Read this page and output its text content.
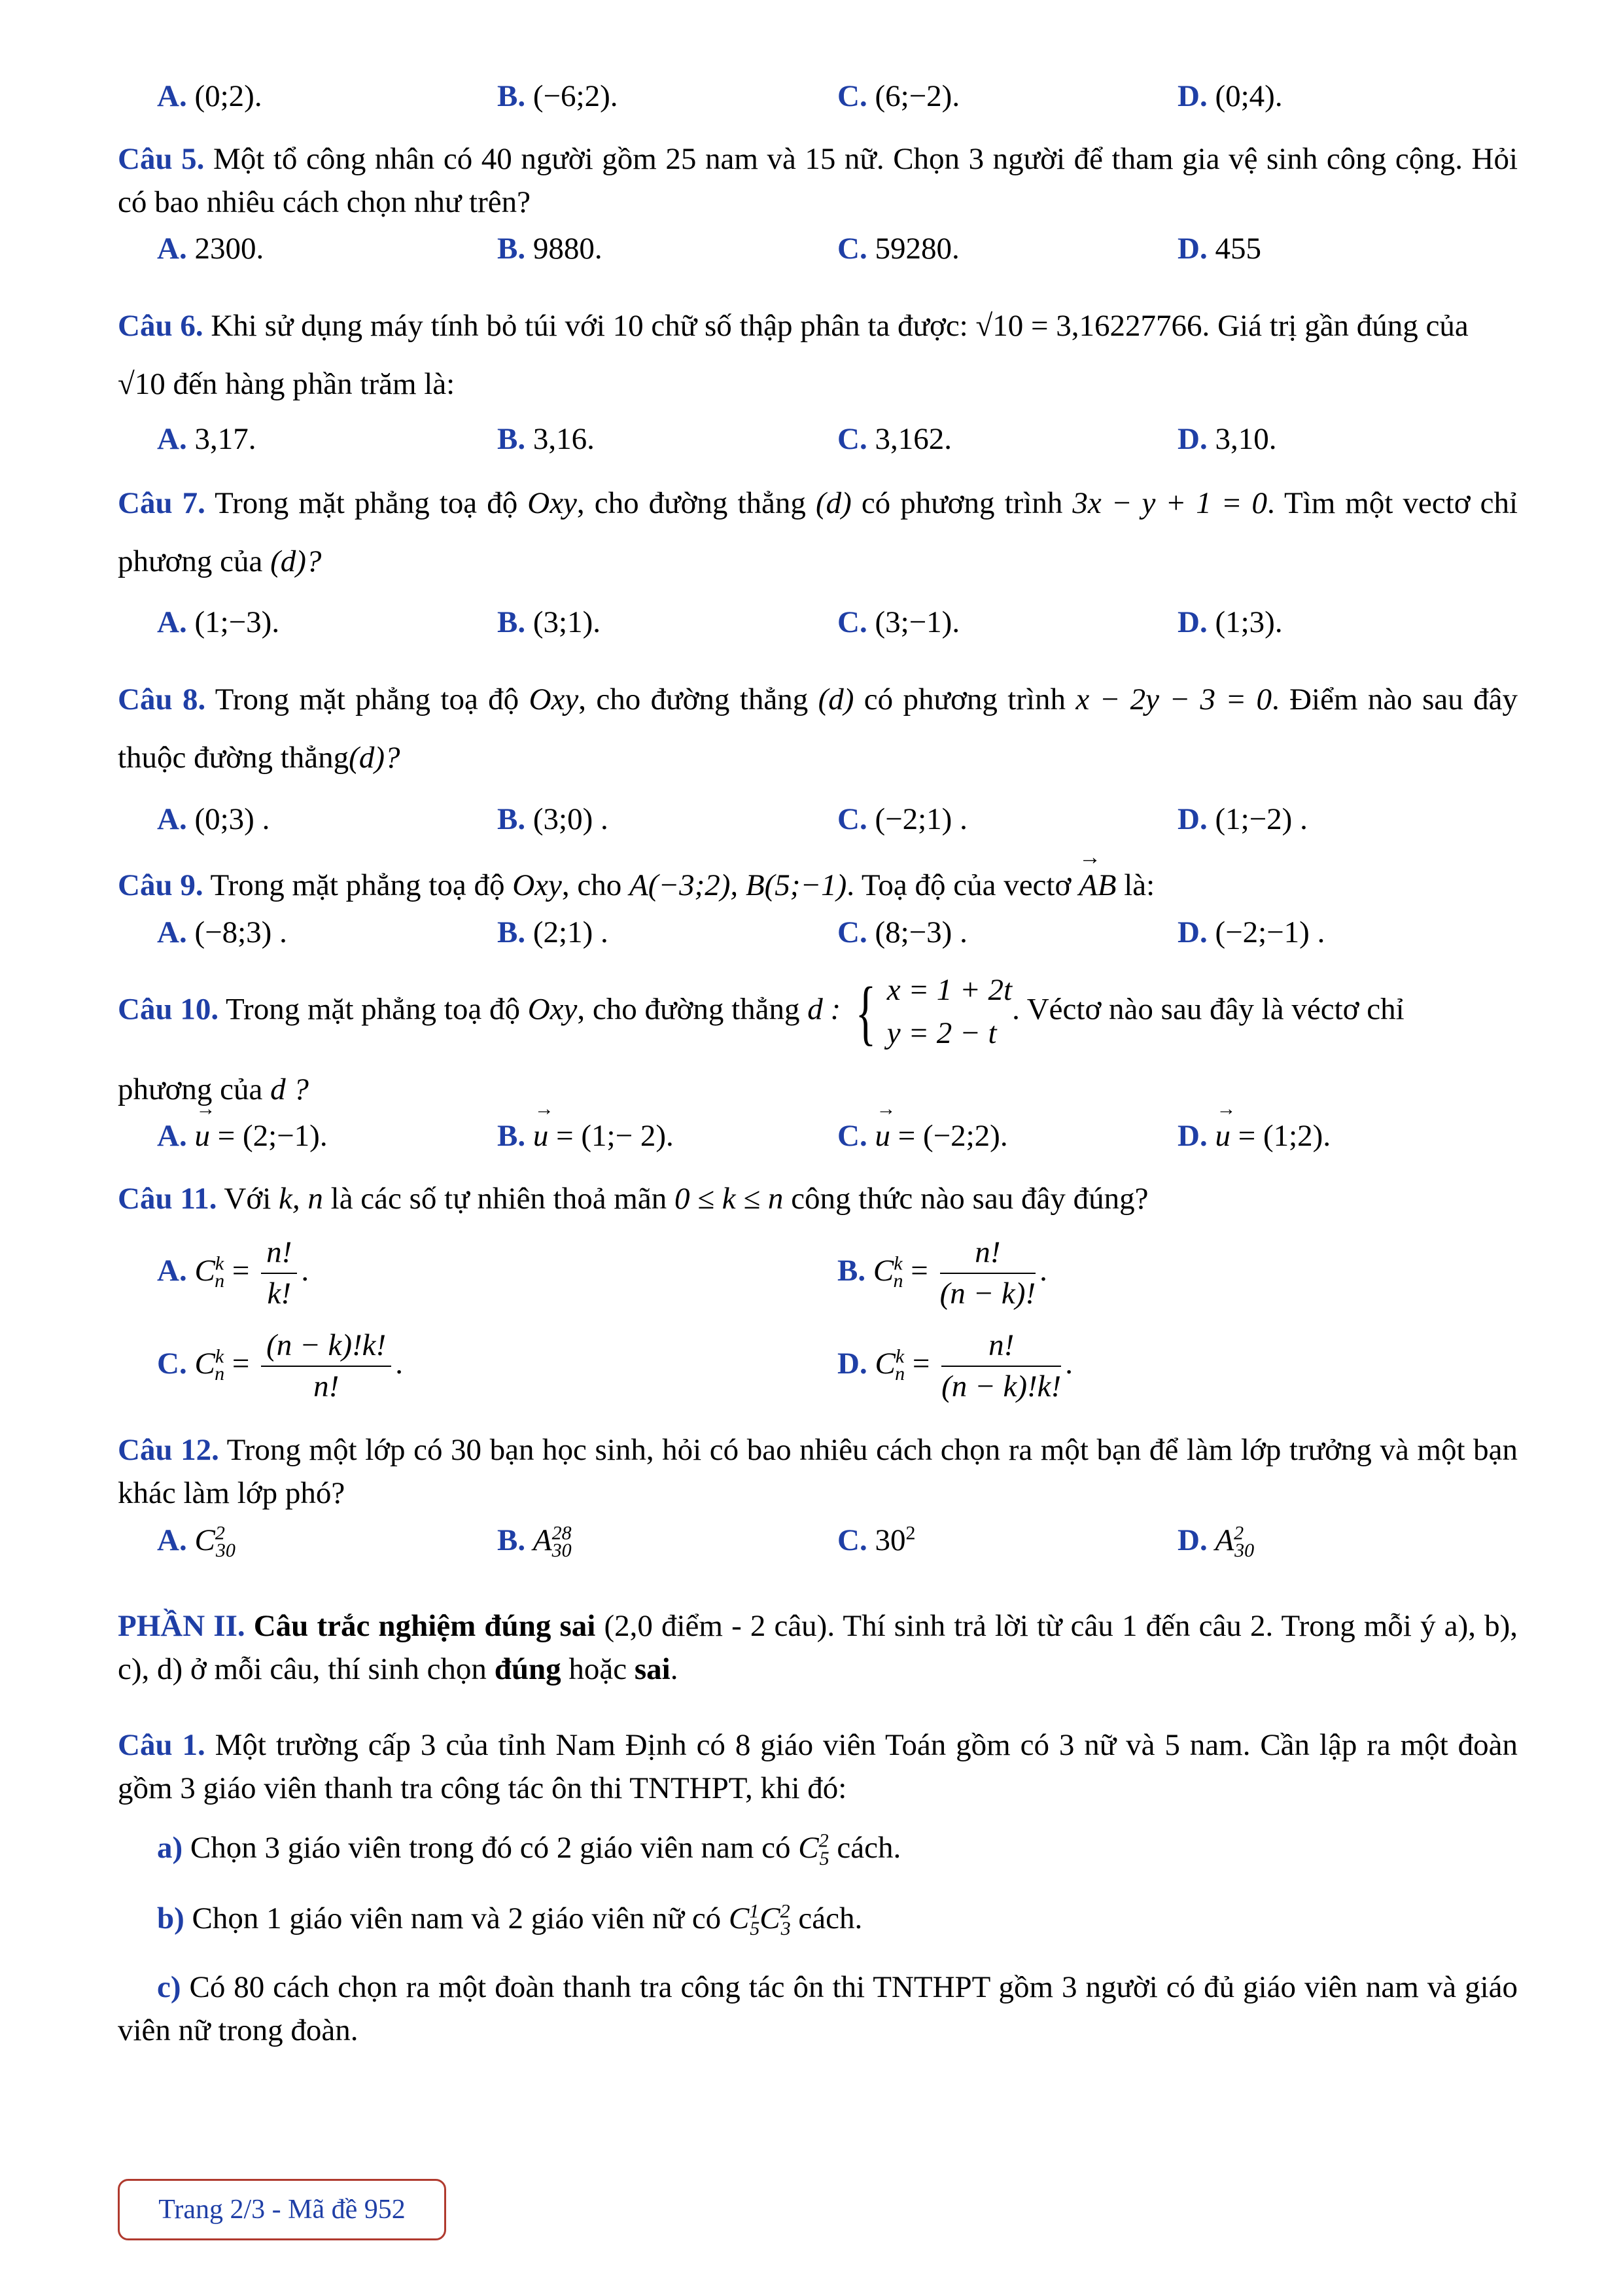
A. (0;2).	B. (−6;2).	C. (6;−2).	D. (0;4).

Câu 5. Một tổ công nhân có 40 người gồm 25 nam và 15 nữ. Chọn 3 người để tham gia vệ sinh công cộng. Hỏi có bao nhiêu cách chọn như trên?

A. 2300.	B. 9880.	C. 59280.	D. 455

Câu 6. Khi sử dụng máy tính bỏ túi với 10 chữ số thập phân ta được: √10 = 3,16227766. Giá trị gần đúng của √10 đến hàng phần trăm là:

A. 3,17.	B. 3,16.	C. 3,162.	D. 3,10.

Câu 7. Trong mặt phẳng toạ độ Oxy, cho đường thẳng (d) có phương trình 3x − y + 1 = 0. Tìm một vectơ chỉ phương của (d)?

A. (1;−3).	B. (3;1).	C. (3;−1).	D. (1;3).

Câu 8. Trong mặt phẳng toạ độ Oxy, cho đường thẳng (d) có phương trình x − 2y − 3 = 0. Điểm nào sau đây thuộc đường thẳng(d)?

A. (0;3) .	B. (3;0) .	C. (−2;1) .	D. (1;−2) .

Câu 9. Trong mặt phẳng toạ độ Oxy, cho A(−3;2), B(5;−1). Toạ độ của vectơ → AB là:

A. (−8;3) .	B. (2;1) .	C. (8;−3) .	D. (−2;−1) .

Câu 10. Trong mặt phẳng toạ độ Oxy, cho đường thẳng d : { x = 1 + 2t
y = 2 − t
. Véctơ nào sau đây là véctơ chỉ

phương của d ?

A. → u = (2;−1).	B. → u = (1;− 2).	C. → u = (−2;2).	D. → u = (1;2).

Câu 11. Với k, n là các số tự nhiên thoả mãn 0 ≤ k ≤ n công thức nào sau đây đúng?

A. $C^k_n = \frac{n!}{k!}$ .	B. $C^k_n = \frac{n!}{(n - k)!}$ .
C. $C^k_n = \frac{(n - k)!k!}{n!}$ .	D. $C^k_n = \frac{n!}{(n - k)!k!}$ .

Câu 12. Trong một lớp có 30 bạn học sinh, hỏi có bao nhiêu cách chọn ra một bạn để làm lớp trưởng và một bạn khác làm lớp phó?

A. $C^2_{30}$	B. $A^{28}_{30}$	C. $30^2$	D. $A^2_{30}$

PHẦN II. Câu trắc nghiệm đúng sai (2,0 điểm - 2 câu). Thí sinh trả lời từ câu 1 đến câu 2. Trong mỗi ý a), b), c), d) ở mỗi câu, thí sinh chọn đúng hoặc sai.

Câu 1. Một trường cấp 3 của tỉnh Nam Định có 8 giáo viên Toán gồm có 3 nữ và 5 nam. Cần lập ra một đoàn gồm 3 giáo viên thanh tra công tác ôn thi TNTHPT, khi đó:

a) Chọn 3 giáo viên trong đó có 2 giáo viên nam có $C^2_5$ cách.

b) Chọn 1 giáo viên nam và 2 giáo viên nữ có $C^1_5C^2_3$ cách.

c) Có 80 cách chọn ra một đoàn thanh tra công tác ôn thi TNTHPT gồm 3 người có đủ giáo viên nam và giáo viên nữ trong đoàn.

Trang 2/3 - Mã đề 952
